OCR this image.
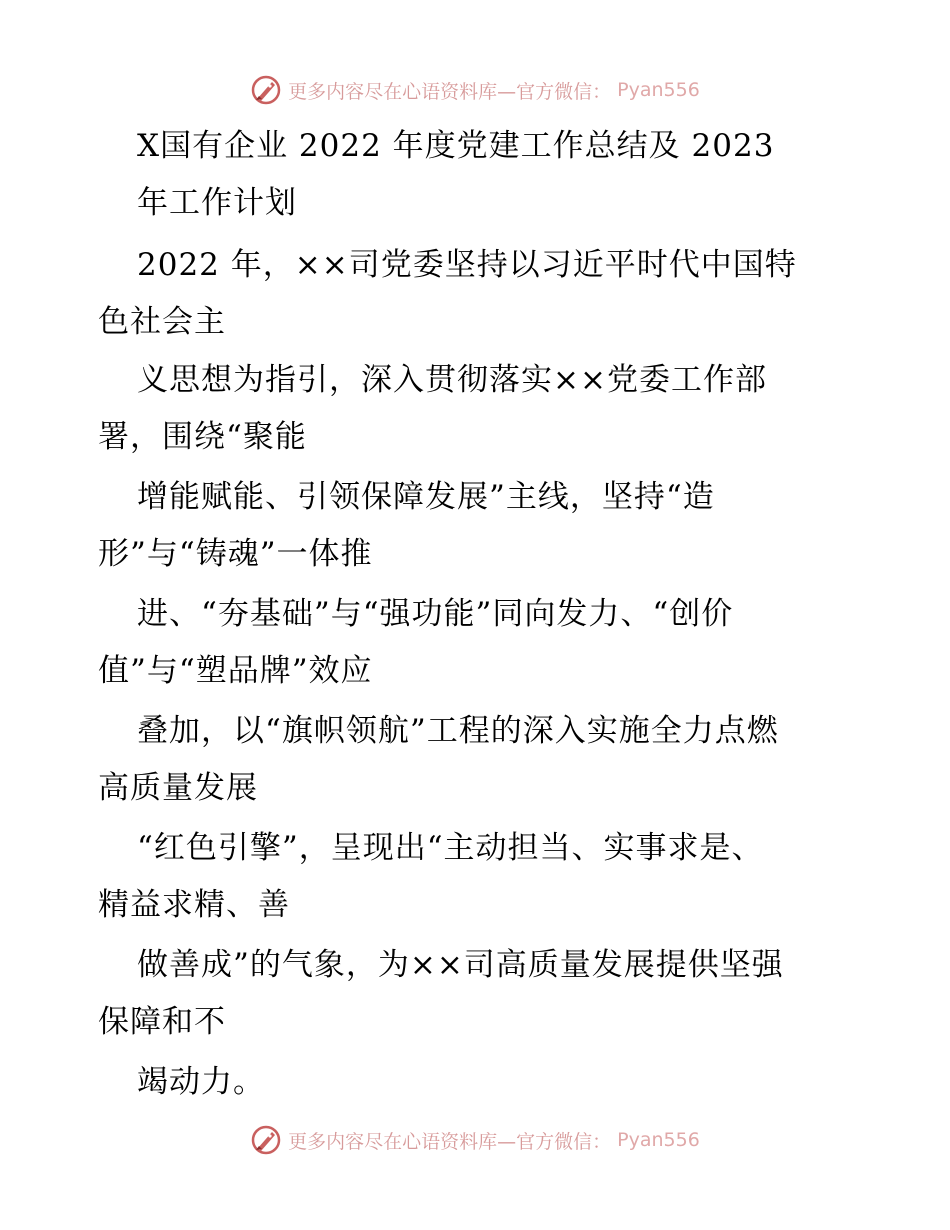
更多内容尽在心语资料库—官方微信： Pyan556
X国有企业 2022 年度党建工作总结及 2023
年工作计划
2022 年，××司党委坚持以习近平时代中国特
色社会主
义思想为指引，深入贯彻落实××党委工作部
署，围绕“聚能
增能赋能、引领保障发展”主线，坚持“造
形”与“铸魂”一体推
进、“夯基础”与“强功能”同向发力、“创价
值”与“塑品牌”效应
叠加，以“旗帜领航”工程的深入实施全力点燃
高质量发展
“红色引擎”，呈现出“主动担当、实事求是、
精益求精、善
做善成”的气象，为××司高质量发展提供坚强
保障和不
竭动力。
更多内容尽在心语资料库—官方微信： Pyan556
